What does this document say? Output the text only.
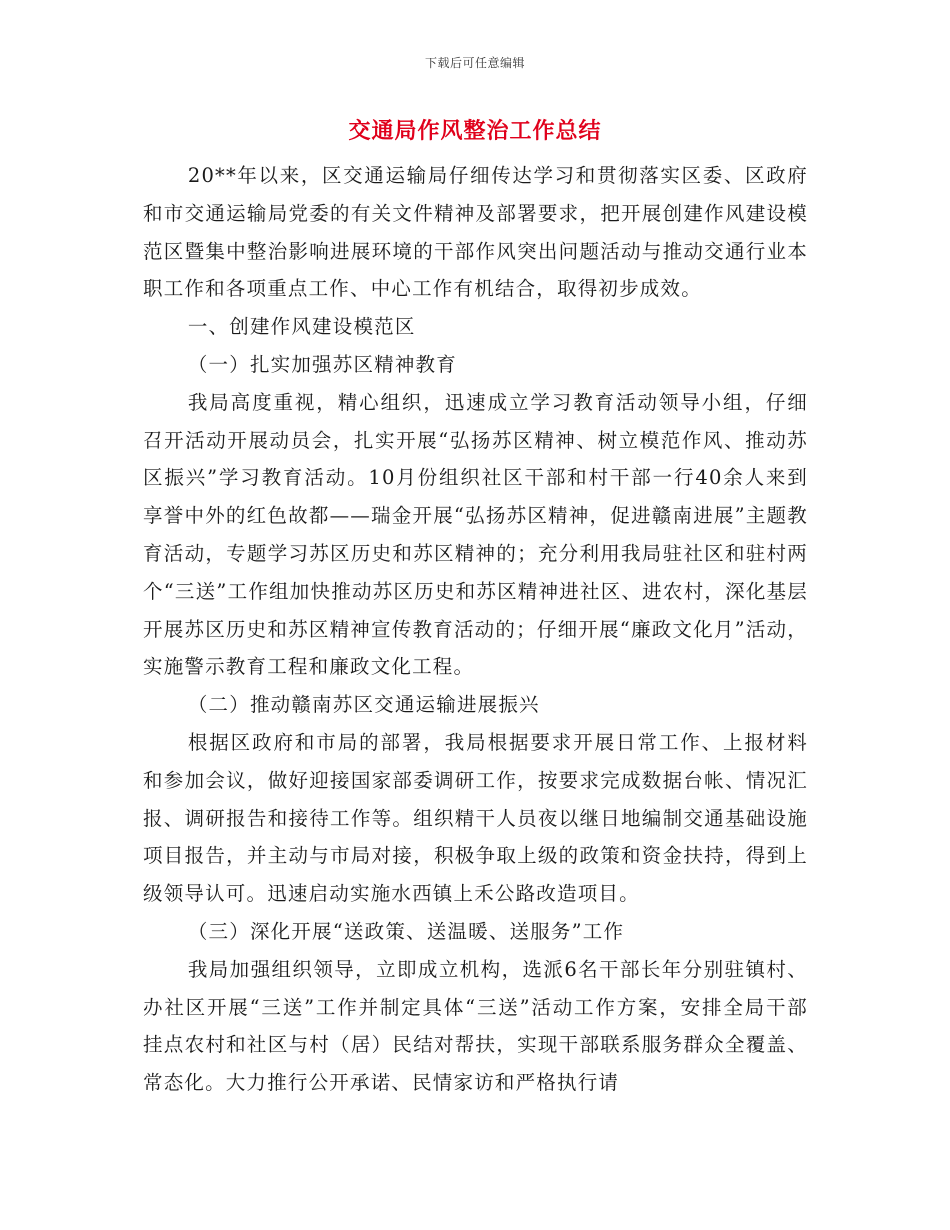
下载后可任意编辑
交通局作风整治工作总结

20**年以来，区交通运输局仔细传达学习和贯彻落实区委、区政府和市交通运输局党委的有关文件精神及部署要求，把开展创建作风建设模范区暨集中整治影响进展环境的干部作风突出问题活动与推动交通行业本职工作和各项重点工作、中心工作有机结合，取得初步成效。

一、创建作风建设模范区

（一）扎实加强苏区精神教育

我局高度重视，精心组织，迅速成立学习教育活动领导小组，仔细召开活动开展动员会，扎实开展“弘扬苏区精神、树立模范作风、推动苏区振兴”学习教育活动。10月份组织社区干部和村干部一行40余人来到享誉中外的红色故都——瑞金开展“弘扬苏区精神，促进赣南进展”主题教育活动，专题学习苏区历史和苏区精神的；充分利用我局驻社区和驻村两个“三送”工作组加快推动苏区历史和苏区精神进社区、进农村，深化基层开展苏区历史和苏区精神宣传教育活动的；仔细开展“廉政文化月”活动，实施警示教育工程和廉政文化工程。

（二）推动赣南苏区交通运输进展振兴

根据区政府和市局的部署，我局根据要求开展日常工作、上报材料和参加会议，做好迎接国家部委调研工作，按要求完成数据台帐、情况汇报、调研报告和接待工作等。组织精干人员夜以继日地编制交通基础设施项目报告，并主动与市局对接，积极争取上级的政策和资金扶持，得到上级领导认可。迅速启动实施水西镇上禾公路改造项目。

（三）深化开展“送政策、送温暖、送服务”工作

我局加强组织领导，立即成立机构，选派6名干部长年分别驻镇村、办社区开展“三送”工作并制定具体“三送”活动工作方案，安排全局干部挂点农村和社区与村（居）民结对帮扶，实现干部联系服务群众全覆盖、常态化。大力推行公开承诺、民情家访和严格执行请
